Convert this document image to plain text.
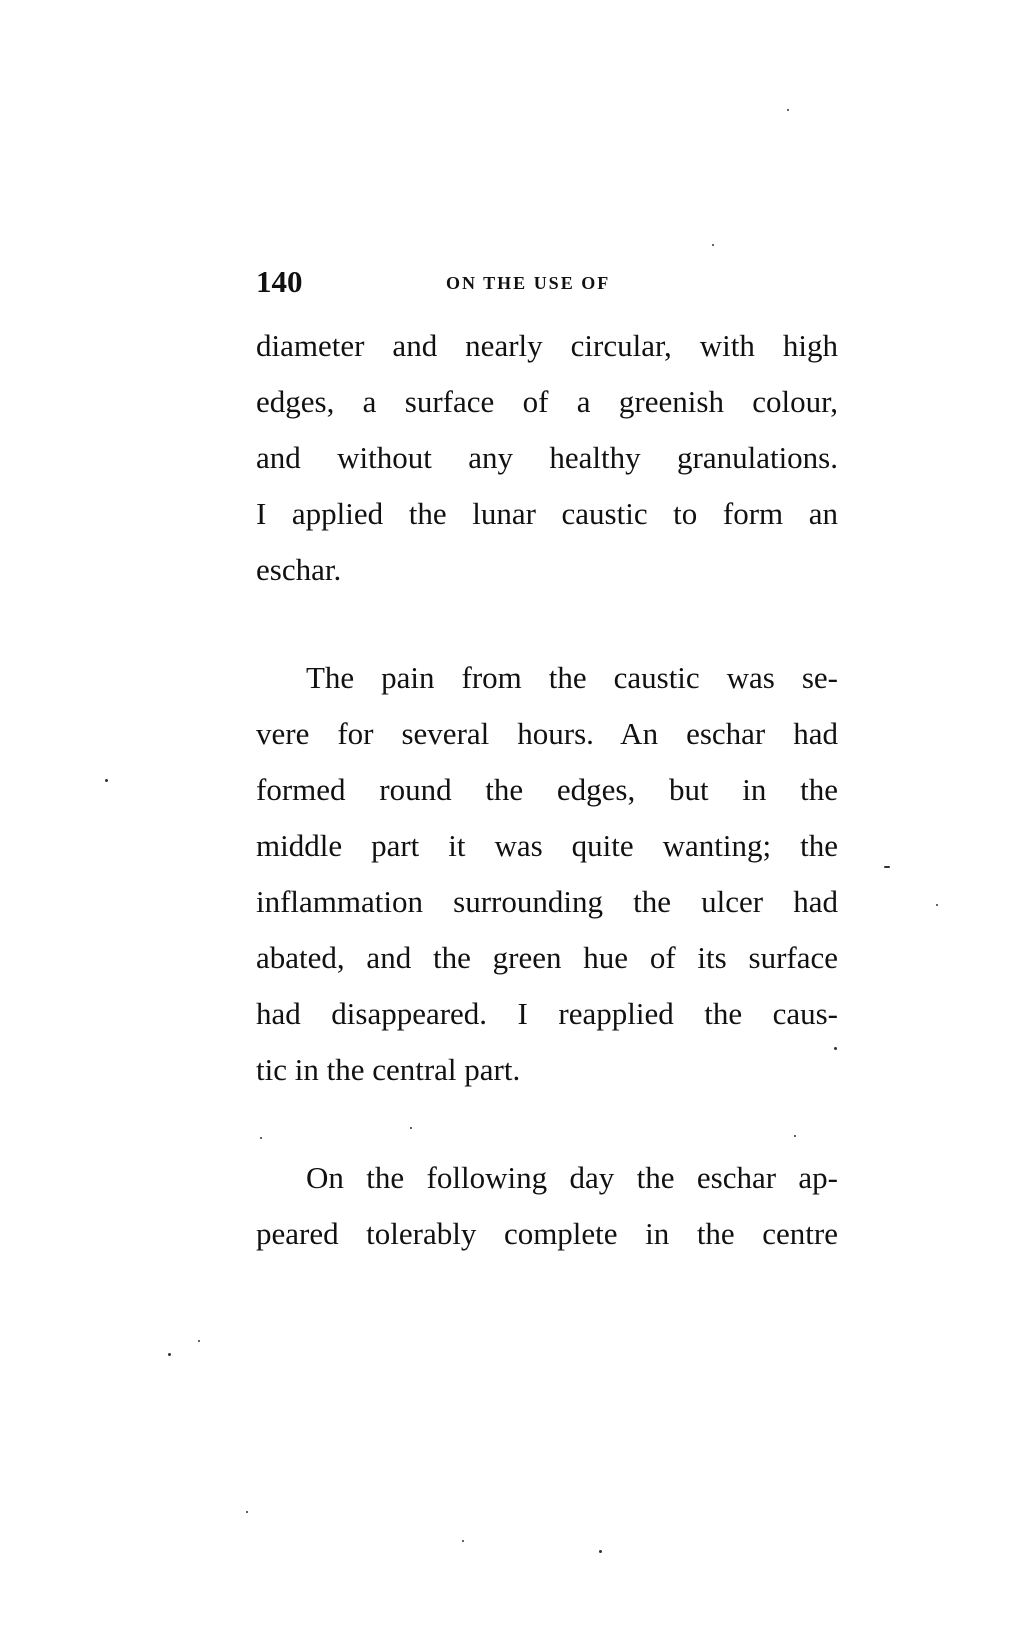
140	ON THE USE OF
diameter and nearly circular, with high
edges, a surface of a greenish colour,
and without any healthy granulations.
I applied the lunar caustic to form an
eschar.
The pain from the caustic was se-
vere for several hours. An eschar had
formed round the edges, but in the
middle part it was quite wanting; the
inflammation surrounding the ulcer had
abated, and the green hue of its surface
had disappeared. I reapplied the caus-
tic in the central part.
On the following day the eschar ap-
peared tolerably complete in the centre
